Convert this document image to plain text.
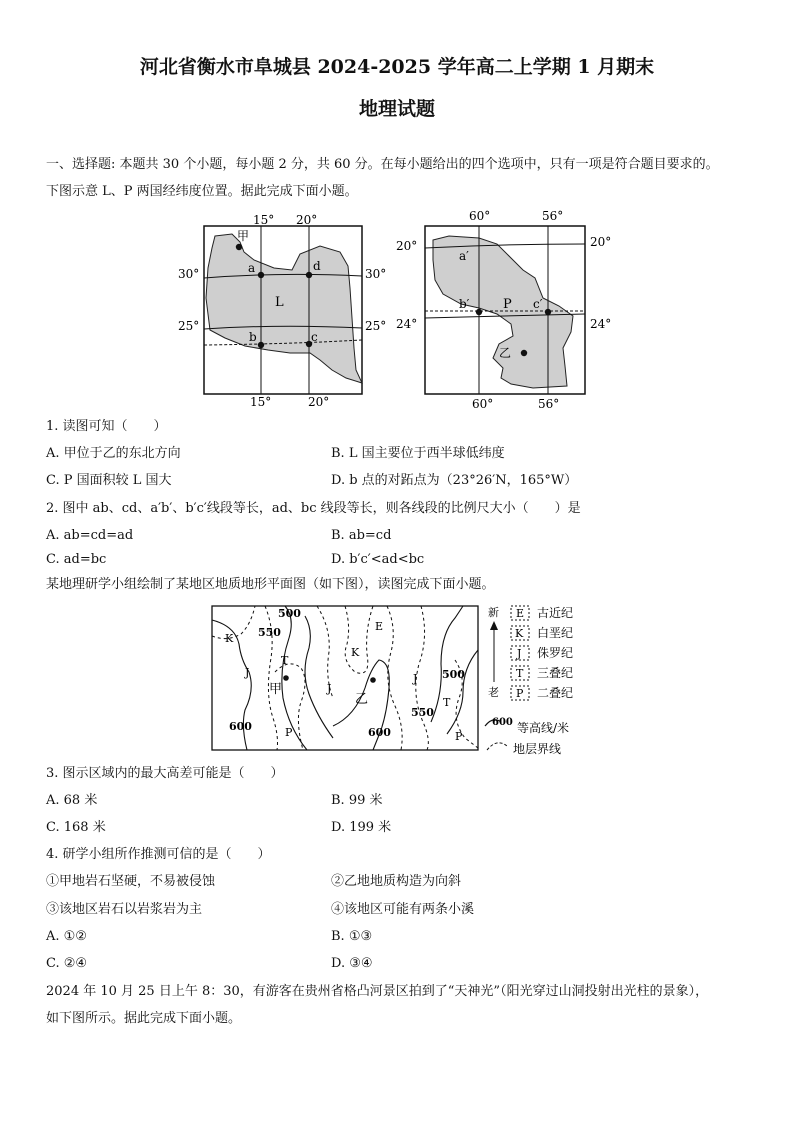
河北省衡水市阜城县 2024-2025 学年高二上学期 1 月期末
地理试题
一、选择题: 本题共 30 个小题，每小题 2 分，共 60 分。在每小题给出的四个选项中，只有一项是符合题目要求的。
下图示意 L、P 两国经纬度位置。据此完成下面小题。
15° 20°
15°	20°
30°
25°
30°
25°
甲
a	d
L
b	c
60°	56°
60°	56°
20°
24°
20°
24°
a′
b′	P c′
乙
1. 读图可知（　　）
A. 甲位于乙的东北方向	B. L 国主要位于西半球低纬度
C. P 国面积较 L 国大	D. b 点的对跖点为（23°26′N，165°W）
2. 图中 ab、cd、a′b′、b′c′线段等长，ad、bc 线段等长，则各线段的比例尺大小（　　）是
A. ab=cd=ad	B. ab=cd
C. ad=bc	D. b′c′<ad<bc
某地理研学小组绘制了某地区地质地形平面图（如下图），读图完成下面小题。
500
550
600
500
550
600
K
T
J
P
K
E
J
J
T
P
甲
乙
新
老
E 古近纪
K 白垩纪
J 侏罗纪
T 三叠纪
P 二叠纪
600 等高线/米
地层界线
3. 图示区域内的最大高差可能是（　　）
A. 68 米	B. 99 米
C. 168 米	D. 199 米
4. 研学小组所作推测可信的是（　　）
①甲地岩石坚硬，不易被侵蚀	②乙地地质构造为向斜
③该地区岩石以岩浆岩为主	④该地区可能有两条小溪
A. ①②	B. ①③
C. ②④	D. ③④
2024 年 10 月 25 日上午 8：30，有游客在贵州省格凸河景区拍到了“天神光”（阳光穿过山洞投射出光柱的景象），
如下图所示。据此完成下面小题。
